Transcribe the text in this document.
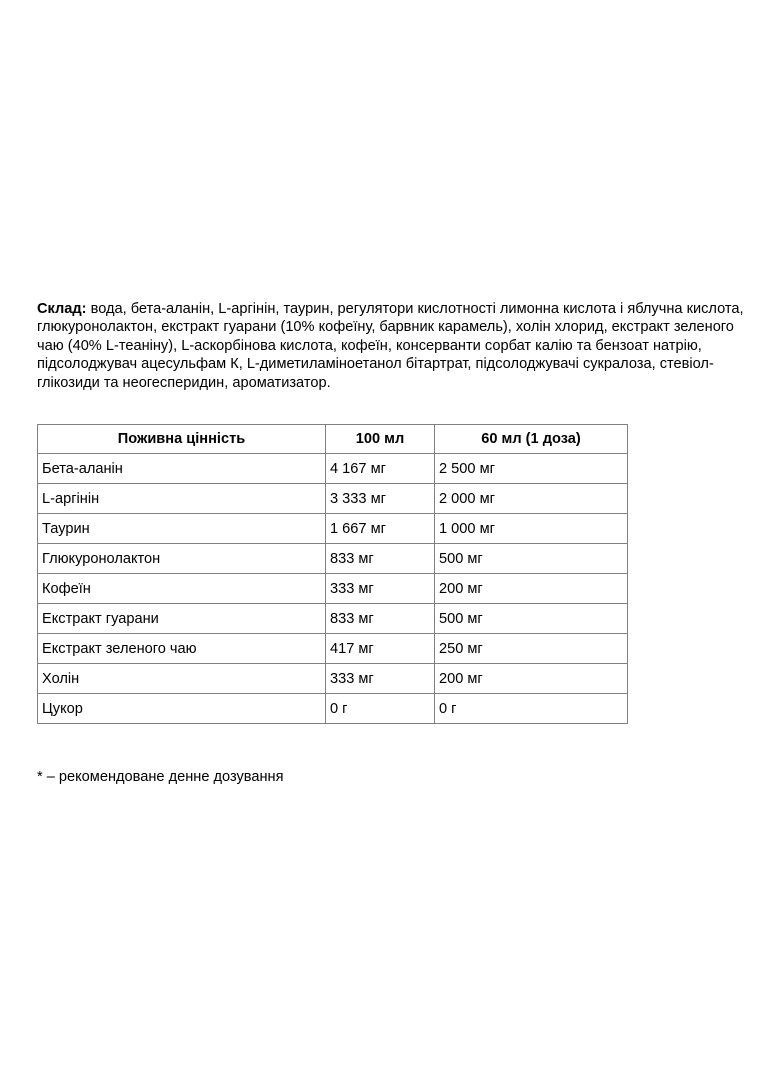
Склад: вода, бета-аланін, L-аргінін, таурин, регулятори кислотності лимонна кислота і яблучна кислота, глюкуронолактон, екстракт гуарани (10% кофеїну, барвник карамель), холін хлорид, екстракт зеленого чаю (40% L-теаніну), L-аскорбінова кислота, кофеїн, консерванти сорбат калію та бензоат натрію, підсолоджувач ацесульфам К, L-диметиламіноетанол бітартрат, підсолоджувачі сукралоза, стевіол-глікозиди та неогесперидин, ароматизатор.

Поживна цінність	100 мл	60 мл (1 доза)
Бета-аланін	4 167 мг	2 500 мг
L-аргінін	3 333 мг	2 000 мг
Таурин	1 667 мг	1 000 мг
Глюкуронолактон	833 мг	500 мг
Кофеїн	333 мг	200 мг
Екстракт гуарани	833 мг	500 мг
Екстракт зеленого чаю	417 мг	250 мг
Холін	333 мг	200 мг
Цукор	0 г	0 г

* – рекомендоване денне дозування
